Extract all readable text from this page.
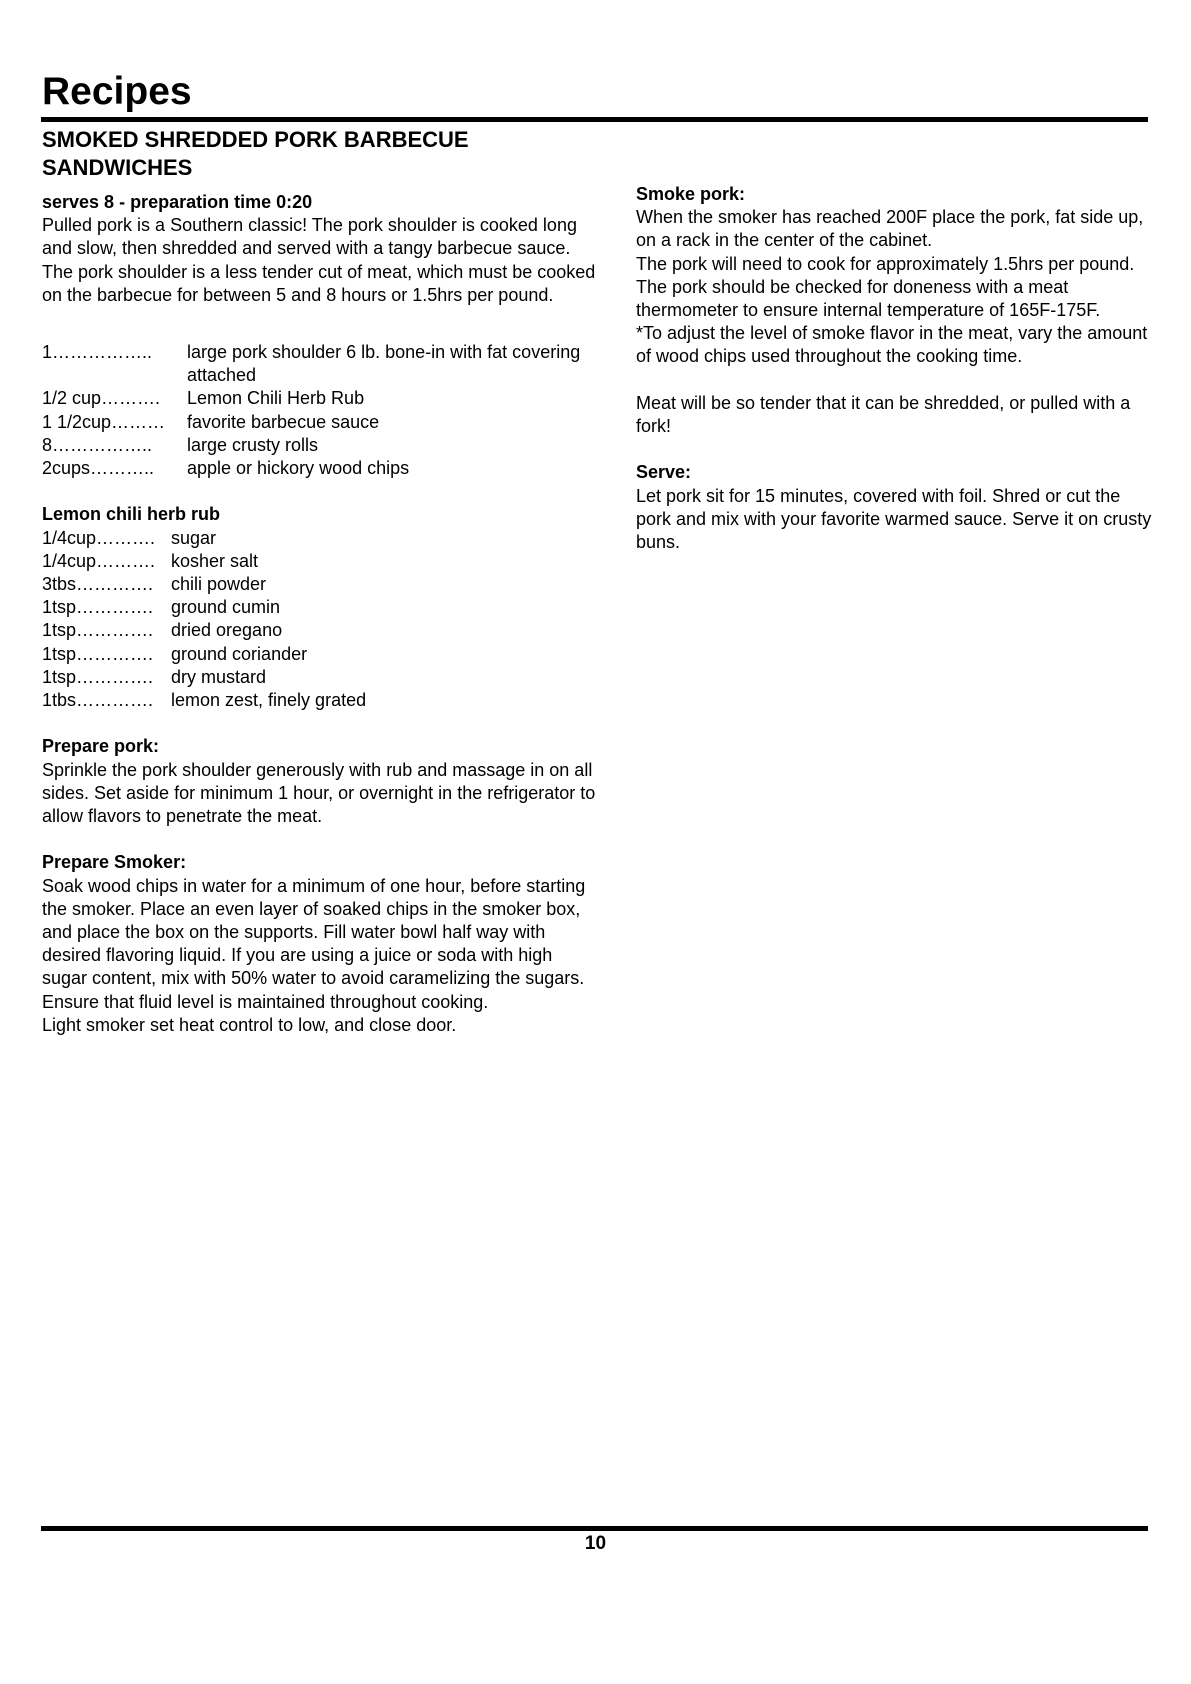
Recipes
SMOKED SHREDDED PORK BARBECUE SANDWICHES

serves 8 - preparation time 0:20

Pulled pork is a Southern classic! The pork shoulder is cooked long and slow, then shredded and served with a tangy barbecue sauce. The pork shoulder is a less tender cut of meat, which must be cooked on the barbecue for between 5 and 8 hours or 1.5hrs per pound.

1……………..	large pork shoulder 6 lb. bone-in with fat covering attached
1/2 cup……….	Lemon Chili Herb Rub
1 1/2cup………	favorite barbecue sauce
8……………..	large crusty rolls
2cups………..	apple or hickory wood chips

Lemon chili herb rub

1/4cup………. sugar
1/4cup………. kosher salt
3tbs…………. chili powder
1tsp…………. ground cumin
1tsp…………. dried oregano
1tsp…………. ground coriander
1tsp…………. dry mustard
1tbs…………. lemon zest, finely grated

Prepare pork:

Sprinkle the pork shoulder generously with rub and massage in on all sides. Set aside for minimum 1 hour, or overnight in the refrigerator to allow flavors to penetrate the meat.

Prepare Smoker:

Soak wood chips in water for a minimum of one hour, before starting the smoker. Place an even layer of soaked chips in the smoker box, and place the box on the supports. Fill water bowl half way with desired flavoring liquid. If you are using a juice or soda with high sugar content, mix with 50% water to avoid caramelizing the sugars. Ensure that fluid level is maintained throughout cooking.

Light smoker set heat control to low, and close door.

Smoke pork:

When the smoker has reached 200F place the pork, fat side up, on a rack in the center of the cabinet.

The pork will need to cook for approximately 1.5hrs per pound. The pork should be checked for doneness with a meat thermometer to ensure internal temperature of 165F-175F.

*To adjust the level of smoke flavor in the meat, vary the amount of wood chips used throughout the cooking time.

Meat will be so tender that it can be shredded, or pulled with a fork!

Serve:

Let pork sit for 15 minutes, covered with foil. Shred or cut the pork and mix with your favorite warmed sauce. Serve it on crusty buns.

10
